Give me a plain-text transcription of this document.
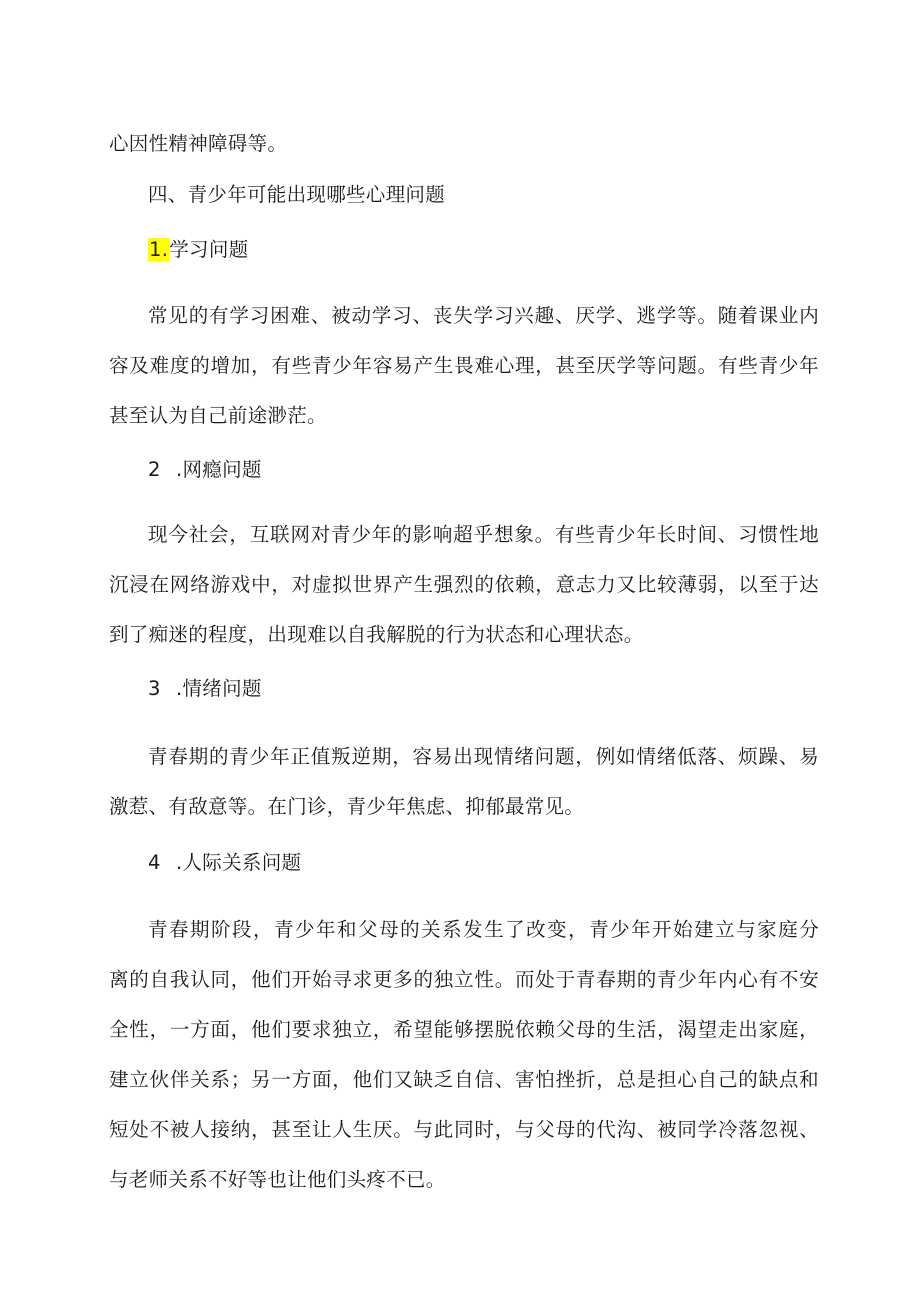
心因性精神障碍等。
四、青少年可能出现哪些心理问题
1.学习问题
常见的有学习困难、被动学习、丧失学习兴趣、厌学、逃学等。随着课业内
容及难度的增加，有些青少年容易产生畏难心理，甚至厌学等问题。有些青少年
甚至认为自己前途渺茫。
2 .网瘾问题
现今社会，互联网对青少年的影响超乎想象。有些青少年长时间、习惯性地
沉浸在网络游戏中，对虚拟世界产生强烈的依赖，意志力又比较薄弱，以至于达
到了痴迷的程度，出现难以自我解脱的行为状态和心理状态。
3 .情绪问题
青春期的青少年正值叛逆期，容易出现情绪问题，例如情绪低落、烦躁、易
激惹、有敌意等。在门诊，青少年焦虑、抑郁最常见。
4 .人际关系问题
青春期阶段，青少年和父母的关系发生了改变，青少年开始建立与家庭分
离的自我认同，他们开始寻求更多的独立性。而处于青春期的青少年内心有不安
全性，一方面，他们要求独立，希望能够摆脱依赖父母的生活，渴望走出家庭，
建立伙伴关系；另一方面，他们又缺乏自信、害怕挫折，总是担心自己的缺点和
短处不被人接纳，甚至让人生厌。与此同时，与父母的代沟、被同学冷落忽视、
与老师关系不好等也让他们头疼不已。
